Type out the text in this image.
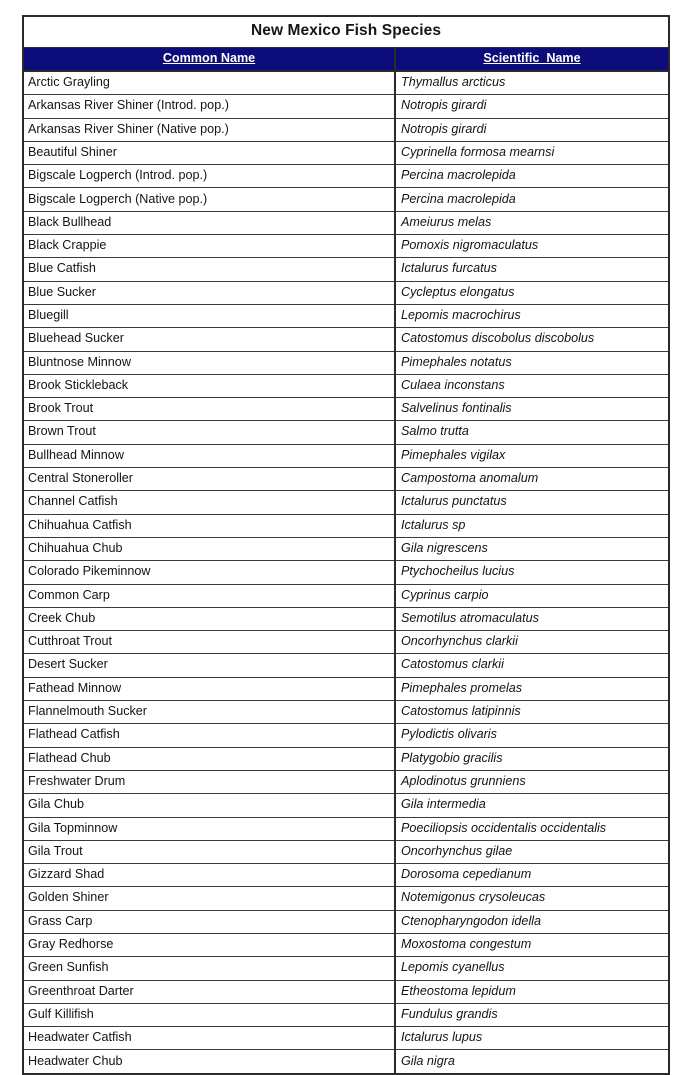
New Mexico Fish Species	
Common Name	Scientific_Name
Arctic Grayling	Thymallus arcticus
Arkansas River Shiner (Introd. pop.)	Notropis girardi
Arkansas River Shiner (Native pop.)	Notropis girardi
Beautiful Shiner	Cyprinella formosa mearnsi
Bigscale Logperch (Introd. pop.)	Percina macrolepida
Bigscale Logperch (Native pop.)	Percina macrolepida
Black Bullhead	Ameiurus melas
Black Crappie	Pomoxis nigromaculatus
Blue Catfish	Ictalurus furcatus
Blue Sucker	Cycleptus elongatus
Bluegill	Lepomis macrochirus
Bluehead Sucker	Catostomus discobolus discobolus
Bluntnose Minnow	Pimephales notatus
Brook Stickleback	Culaea inconstans
Brook Trout	Salvelinus fontinalis
Brown Trout	Salmo trutta
Bullhead Minnow	Pimephales vigilax
Central Stoneroller	Campostoma anomalum
Channel Catfish	Ictalurus punctatus
Chihuahua Catfish	Ictalurus sp
Chihuahua Chub	Gila nigrescens
Colorado Pikeminnow	Ptychocheilus lucius
Common Carp	Cyprinus carpio
Creek Chub	Semotilus atromaculatus
Cutthroat Trout	Oncorhynchus clarkii
Desert Sucker	Catostomus clarkii
Fathead Minnow	Pimephales promelas
Flannelmouth Sucker	Catostomus latipinnis
Flathead Catfish	Pylodictis olivaris
Flathead Chub	Platygobio gracilis
Freshwater Drum	Aplodinotus grunniens
Gila Chub	Gila intermedia
Gila Topminnow	Poeciliopsis occidentalis occidentalis
Gila Trout	Oncorhynchus gilae
Gizzard Shad	Dorosoma cepedianum
Golden Shiner	Notemigonus crysoleucas
Grass Carp	Ctenopharyngodon idella
Gray Redhorse	Moxostoma congestum
Green Sunfish	Lepomis cyanellus
Greenthroat Darter	Etheostoma lepidum
Gulf Killifish	Fundulus grandis
Headwater Catfish	Ictalurus lupus
Headwater Chub	Gila nigra
